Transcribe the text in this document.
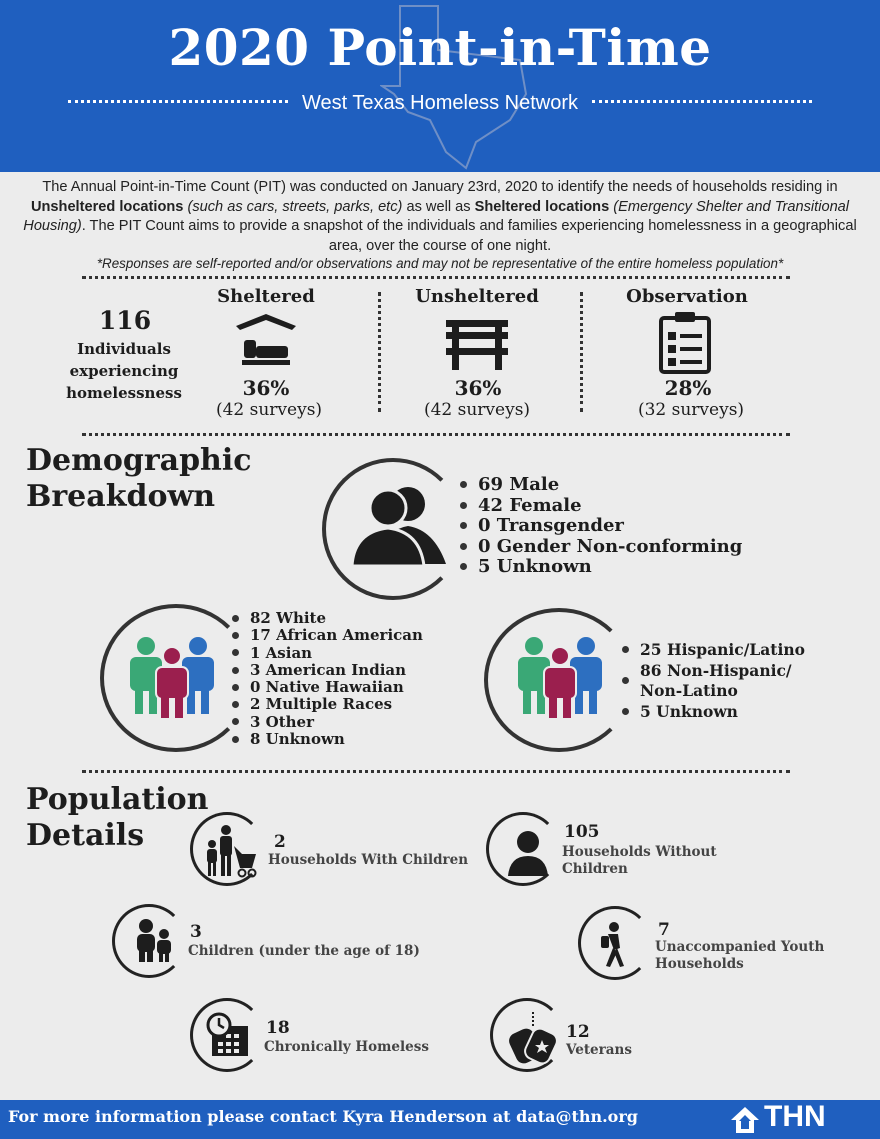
2020 Point-in-Time
West Texas Homeless Network
The Annual Point-in-Time Count (PIT) was conducted on January 23rd, 2020 to identify the needs of households residing in Unsheltered locations (such as cars, streets, parks, etc) as well as Sheltered locations (Emergency Shelter and Transitional Housing). The PIT Count aims to provide a snapshot of the individuals and families experiencing homelessness in a geographical area, over the course of one night.
*Responses are self-reported and/or observations and may not be representative of the entire homeless population*
116
Individuals experiencing homelessness
Sheltered
36%
(42 surveys)
Unsheltered
36%
(42 surveys)
Observation
28%
(32 surveys)
Demographic
Breakdown	69 Male
42 Female
0 Transgender
0 Gender Non-conforming
5 Unknown
82 White
17 African American
1 Asian
3 American Indian
0 Native Hawaiian
2 Multiple Races
3 Other
8 Unknown
25 Hispanic/Latino
86 Non-Hispanic/ Non-Latino
5 Unknown
Population
Details	2
Households With Children
105
Households Without Children
3
Children (under the age of 18)
7
Unaccompanied Youth Households
18
Chronically Homeless
12
Veterans
For more information please contact Kyra Henderson at data@thn.org	THN
